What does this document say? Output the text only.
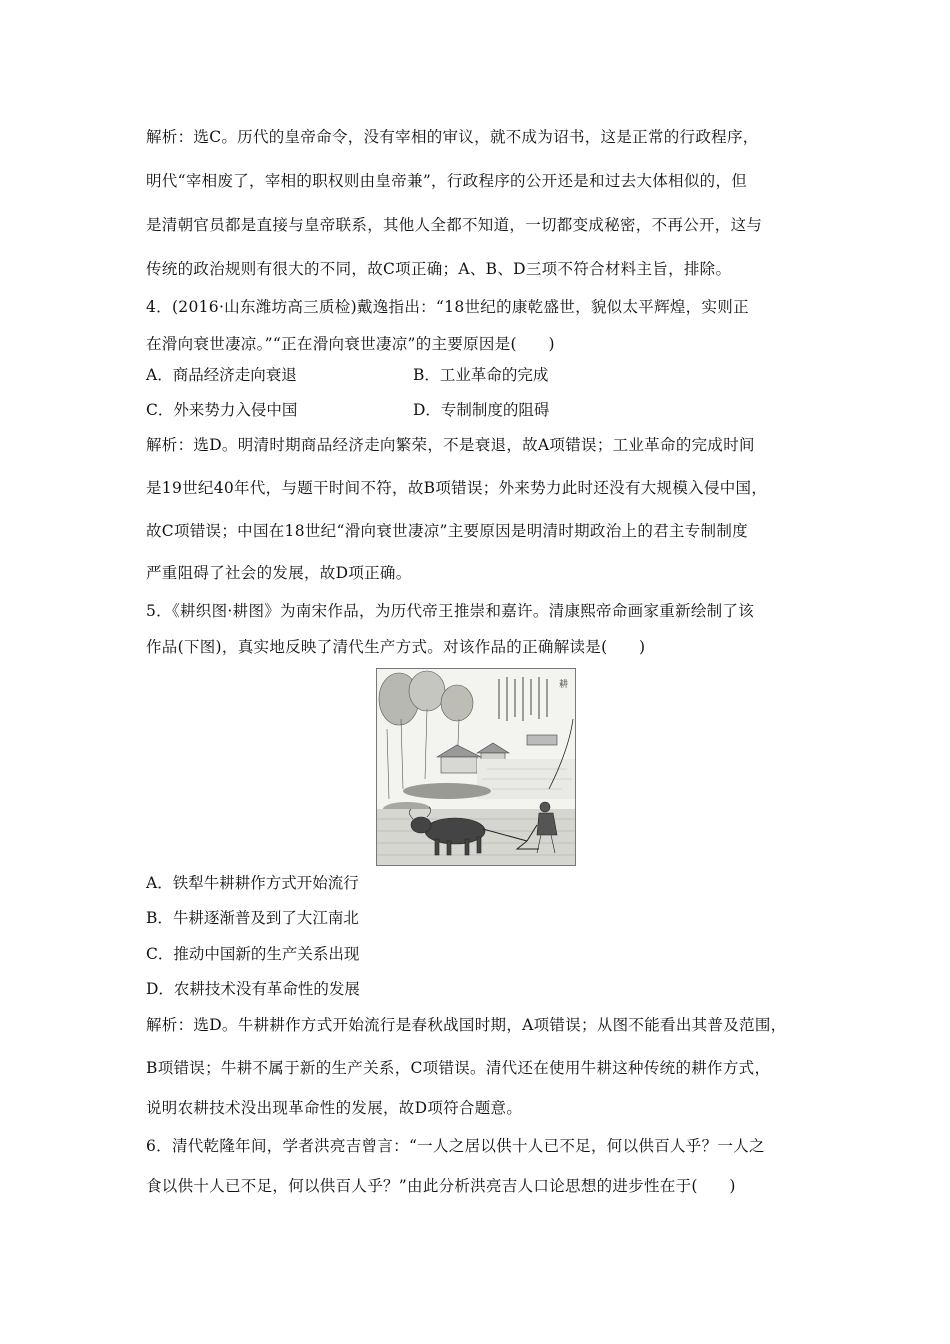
解析：选C。历代的皇帝命令，没有宰相的审议，就不成为诏书，这是正常的行政程序，
明代“宰相废了，宰相的职权则由皇帝兼”，行政程序的公开还是和过去大体相似的，但
是清朝官员都是直接与皇帝联系，其他人全都不知道，一切都变成秘密，不再公开，这与
传统的政治规则有很大的不同，故C项正确；A、B、D三项不符合材料主旨，排除。
4．(2016·山东潍坊高三质检)戴逸指出：“18世纪的康乾盛世，貌似太平辉煌，实则正
在滑向衰世凄凉。”“正在滑向衰世凄凉”的主要原因是(　　)
A．商品经济走向衰退	B．工业革命的完成
C．外来势力入侵中国	D．专制制度的阻碍
解析：选D。明清时期商品经济走向繁荣，不是衰退，故A项错误；工业革命的完成时间
是19世纪40年代，与题干时间不符，故B项错误；外来势力此时还没有大规模入侵中国，
故C项错误；中国在18世纪“滑向衰世凄凉”主要原因是明清时期政治上的君主专制制度
严重阻碍了社会的发展，故D项正确。
5．《耕织图·耕图》为南宋作品，为历代帝王推崇和嘉许。清康熙帝命画家重新绘制了该
作品(下图)，真实地反映了清代生产方式。对该作品的正确解读是(　　)
耕
A．铁犁牛耕耕作方式开始流行
B．牛耕逐渐普及到了大江南北
C．推动中国新的生产关系出现
D．农耕技术没有革命性的发展
解析：选D。牛耕耕作方式开始流行是春秋战国时期，A项错误；从图不能看出其普及范围，
B项错误；牛耕不属于新的生产关系，C项错误。清代还在使用牛耕这种传统的耕作方式，
说明农耕技术没出现革命性的发展，故D项符合题意。
6．清代乾隆年间，学者洪亮吉曾言：“一人之居以供十人已不足，何以供百人乎？一人之
食以供十人已不足，何以供百人乎？”由此分析洪亮吉人口论思想的进步性在于(　　)
